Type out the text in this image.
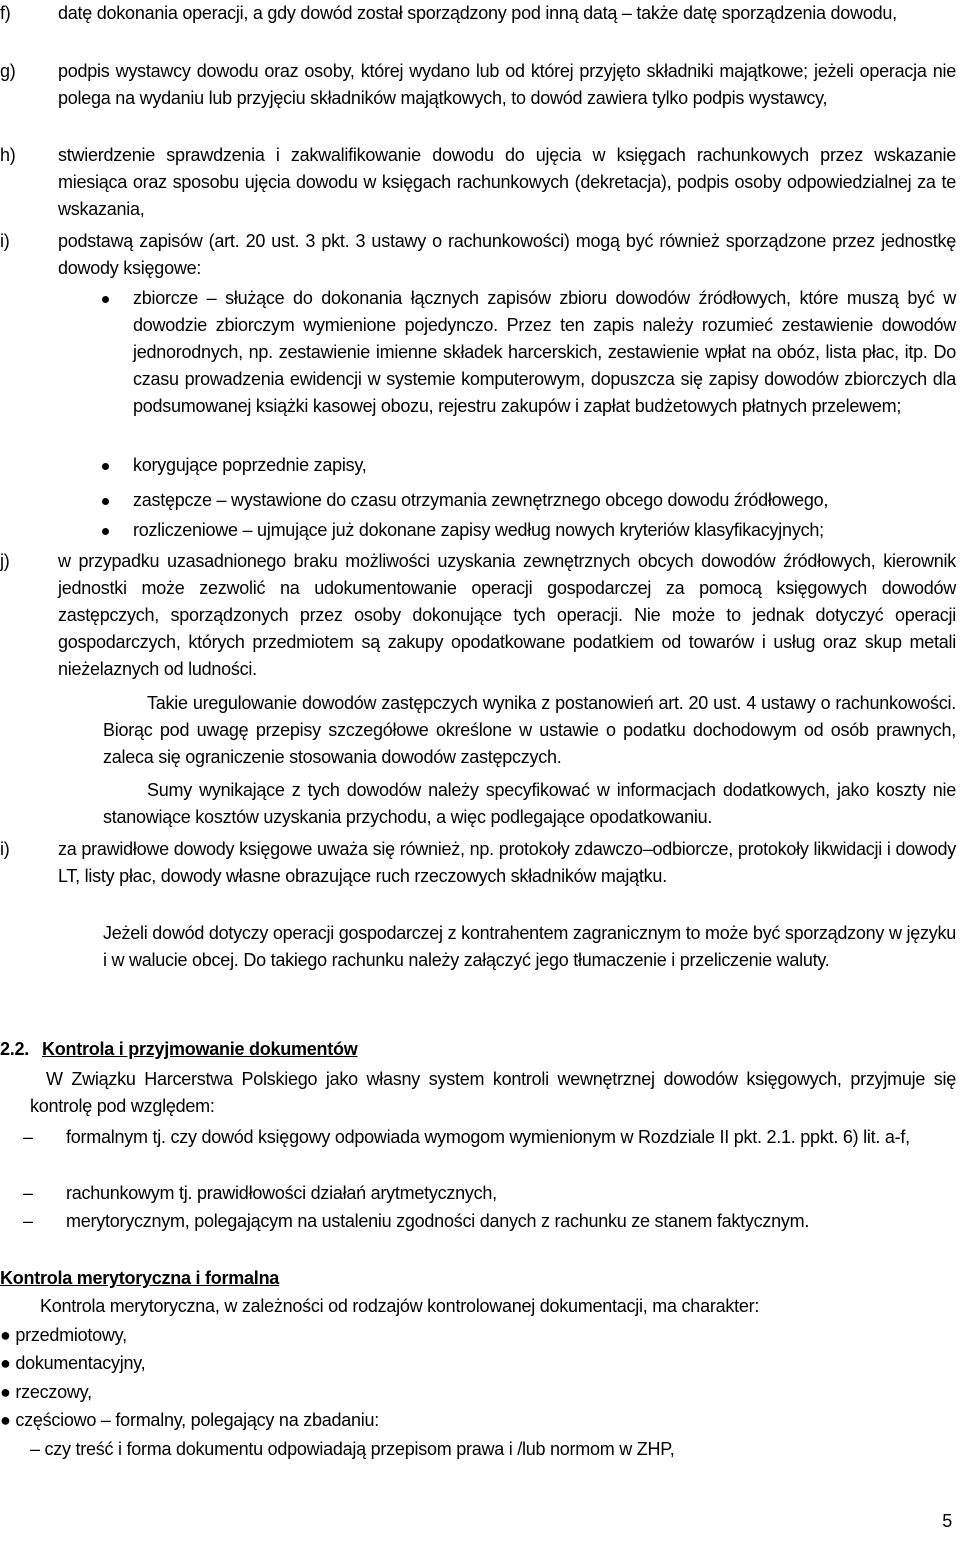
f)	datę dokonania operacji, a gdy dowód został sporządzony pod inną datą – także datę sporządzenia dowodu,
g) podpis wystawcy dowodu oraz osoby, której wydano lub od której przyjęto składniki majątkowe; jeżeli operacja nie polega na wydaniu lub przyjęciu składników majątkowych, to dowód zawiera tylko podpis wystawcy,
h) stwierdzenie sprawdzenia i zakwalifikowanie dowodu do ujęcia w księgach rachunkowych przez wskazanie miesiąca oraz sposobu ujęcia dowodu w księgach rachunkowych (dekretacja), podpis osoby odpowiedzialnej za te wskazania,
i)	podstawą zapisów (art. 20 ust. 3 pkt. 3 ustawy o rachunkowości) mogą być również sporządzone przez jednostkę dowody księgowe:
zbiorcze – służące do dokonania łącznych zapisów zbioru dowodów źródłowych, które muszą być w dowodzie zbiorczym wymienione pojedynczo. Przez ten zapis należy rozumieć zestawienie dowodów jednorodnych, np. zestawienie imienne składek harcerskich, zestawienie wpłat na obóz, lista płac, itp. Do czasu prowadzenia ewidencji w systemie komputerowym, dopuszcza się zapisy dowodów zbiorczych dla podsumowanej książki kasowej obozu, rejestru zakupów i zapłat budżetowych płatnych przelewem;
korygujące poprzednie zapisy,
zastępcze – wystawione do czasu otrzymania zewnętrznego obcego dowodu źródłowego,
rozliczeniowe – ujmujące już dokonane zapisy według nowych kryteriów klasyfikacyjnych;
j)	w przypadku uzasadnionego braku możliwości uzyskania zewnętrznych obcych dowodów źródłowych, kierownik jednostki może zezwolić na udokumentowanie operacji gospodarczej za pomocą księgowych dowodów zastępczych, sporządzonych przez osoby dokonujące tych operacji. Nie może to jednak dotyczyć operacji gospodarczych, których przedmiotem są zakupy opodatkowane podatkiem od towarów i usług oraz skup metali nieżelaznych od ludności.
Takie uregulowanie dowodów zastępczych wynika z postanowień art. 20 ust. 4 ustawy o rachunkowości. Biorąc pod uwagę przepisy szczegółowe określone w ustawie o podatku dochodowym od osób prawnych, zaleca się ograniczenie stosowania dowodów zastępczych.
Sumy wynikające z tych dowodów należy specyfikować w informacjach dodatkowych, jako koszty nie stanowiące kosztów uzyskania przychodu, a więc podlegające opodatkowaniu.
i)	za prawidłowe dowody księgowe uważa się również, np. protokoły zdawczo–odbiorcze, protokoły likwidacji i dowody LT, listy płac, dowody własne obrazujące ruch rzeczowych składników majątku.
Jeżeli dowód dotyczy operacji gospodarczej z kontrahentem zagranicznym to może być sporządzony w języku i w walucie obcej. Do takiego rachunku należy załączyć jego tłumaczenie i przeliczenie waluty.
2.2. Kontrola i przyjmowanie dokumentów
W Związku Harcerstwa Polskiego jako własny system kontroli wewnętrznej dowodów księgowych, przyjmuje się kontrolę pod względem:
– formalnym tj. czy dowód księgowy odpowiada wymogom wymienionym w Rozdziale II pkt. 2.1. ppkt. 6) lit. a-f,
– rachunkowym tj. prawidłowości działań arytmetycznych,
– merytorycznym, polegającym na ustaleniu zgodności danych z rachunku ze stanem faktycznym.
Kontrola merytoryczna i formalna
Kontrola merytoryczna, w zależności od rodzajów kontrolowanej dokumentacji, ma charakter:
● przedmiotowy,
● dokumentacyjny,
● rzeczowy,
● częściowo – formalny, polegający na zbadaniu:
– czy treść i forma dokumentu odpowiadają przepisom prawa i /lub normom w ZHP,
5
